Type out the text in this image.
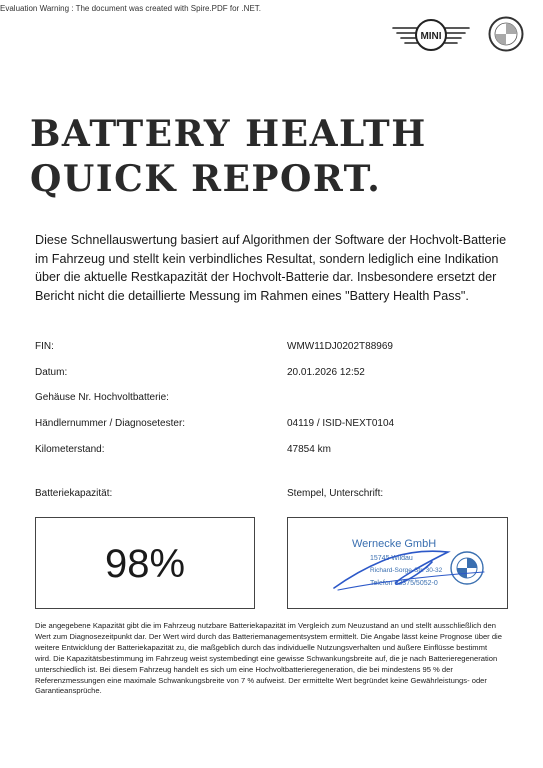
Evaluation Warning : The document was created with Spire.PDF for .NET.
MINI
BATTERY HEALTH
QUICK REPORT.

Diese Schnellauswertung basiert auf Algorithmen der Software der Hochvolt-Batterie im Fahrzeug und stellt kein verbindliches Resultat, sondern lediglich eine Indikation über die aktuelle Restkapazität der Hochvolt-Batterie dar. Insbesondere ersetzt der Bericht nicht die detaillierte Messung im Rahmen eines "Battery Health Pass".

FIN:	WMW11DJ0202T88969
Datum:	20.01.2026 12:52
Gehäuse Nr. Hochvoltbatterie:
Händlernummer / Diagnosetester:	04119 / ISID-NEXT0104
Kilometerstand:	47854 km
Batteriekapazität:	Stempel, Unterschrift:
98%	Wernecke GmbH
15745 Wildau
Richard-Sorge-Str. 30-32
Telefon 03375/5052-0

Die angegebene Kapazität gibt die im Fahrzeug nutzbare Batteriekapazität im Vergleich zum Neuzustand an und stellt ausschließlich den Wert zum Diagnosezeitpunkt dar. Der Wert wird durch das Batteriemanagementsystem ermittelt. Die Angabe lässt keine Prognose über die weitere Entwicklung der Batteriekapazität zu, die maßgeblich durch das individuelle Nutzungsverhalten und äußere Einflüsse bestimmt wird. Die Kapazitätsbestimmung im Fahrzeug weist systembedingt eine gewisse Schwankungsbreite auf, die je nach Batterieregeneration unterschiedlich ist. Bei diesem Fahrzeug handelt es sich um eine Hochvoltbatterieregeneration, die bei mindestens 95 % der Referenzmessungen eine maximale Schwankungsbreite von 7 % aufweist. Der ermittelte Wert begründet keine Gewährleistungs- oder Garantieansprüche.
